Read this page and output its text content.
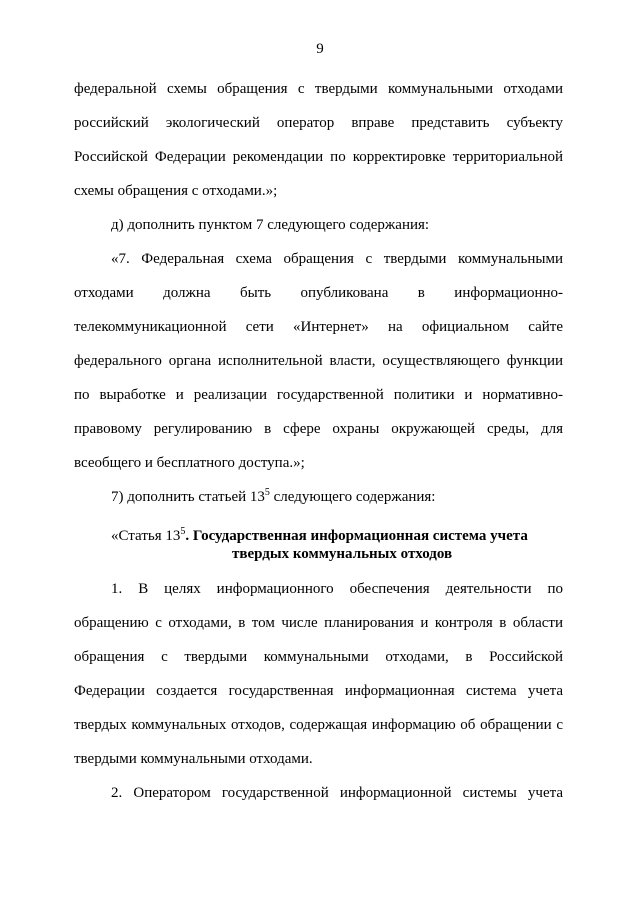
9

федеральной схемы обращения с твердыми коммунальными отходами
российский экологический оператор вправе представить субъекту
Российской Федерации рекомендации по корректировке территориальной
схемы обращения с отходами.»;

д) дополнить пунктом 7 следующего содержания:

«7. Федеральная схема обращения с твердыми коммунальными
отходами должна быть опубликована в информационно-
телекоммуникационной сети «Интернет» на официальном сайте
федерального органа исполнительной власти, осуществляющего функции
по выработке и реализации государственной политики и нормативно-
правовому регулированию в сфере охраны окружающей среды, для
всеобщего и бесплатного доступа.»;

7) дополнить статьей $13^5$ следующего содержания:

«Статья $13^5$. Государственная информационная система учета
твердых коммунальных отходов

1. В целях информационного обеспечения деятельности по
обращению с отходами, в том числе планирования и контроля в области
обращения с твердыми коммунальными отходами, в Российской
Федерации создается государственная информационная система учета
твердых коммунальных отходов, содержащая информацию об обращении с
твердыми коммунальными отходами.

2. Оператором государственной информационной системы учета
